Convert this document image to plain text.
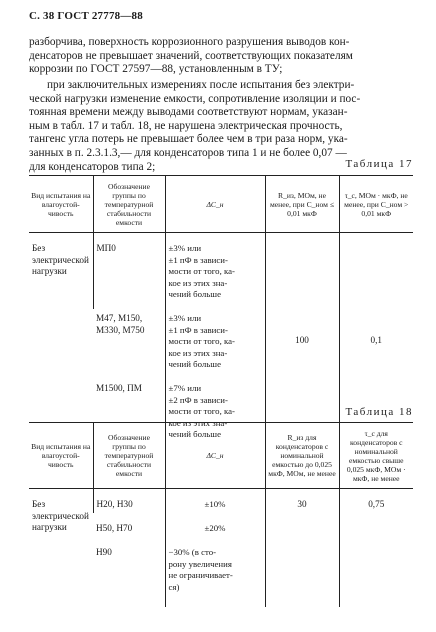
С. 38 ГОСТ 27778—88
разборчива, поверхность коррозионного разрушения выводов кон-
денсаторов не превышает значений, соответствующих показателям
коррозии по ГОСТ 27597—88, установленным в ТУ;
при заключительных измерениях после испытания без электри-
ческой нагрузки изменение емкости, сопротивление изоляции и пос-
тоянная времени между выводами соответствуют нормам, указан-
ным в табл. 17 и табл. 18, не нарушена электрическая прочность,
тангенс угла потерь не превышает более чем в три раза норм, ука-
занных в п. 2.3.1.3,— для конденсаторов типа 1 и не более 0,07 —
для конденсаторов типа 2;	Таблица 17
Вид испытания на влагоустой-чивость	Обозначение группы по температурной стабильности емкости	ΔC_н	R_из, МОм, не менее, при C_ном ≤ 0,01 мкФ	τ_с, МОм · мкФ, не менее, при C_ном > 0,01 мкФ
Без электрической нагрузки	МП0	±3% или
±1 пФ в зависи-
мости от того, ка-
кое из этих зна-
чений больше	100	0,1
	М47, М150, М330, М750	±3% или
±1 пФ в зависи-
мости от того, ка-
кое из этих зна-
чений больше		

	М1500, ПМ	±7% или
±2 пФ в зависи-
мости от того, ка-
кое из этих зна-
чений больше		
Таблица 18
Вид испытания на влагоустой-чивость	Обозначение группы по температурной стабильности емкости	ΔC_н	R_из для конденсаторов с номинальной емкостью до 0,025 мкФ, МОм, не менее	τ_с для конденсаторов с номинальной емкостью свыше 0,025 мкФ, МОм · мкФ, не менее
Без электрической нагрузки	Н20, Н30	±10%	30	0,75
	Н50, Н70	±20%		

	Н90	−30% (в сто-
рону увеличения
не ограничивает-
ся)		
